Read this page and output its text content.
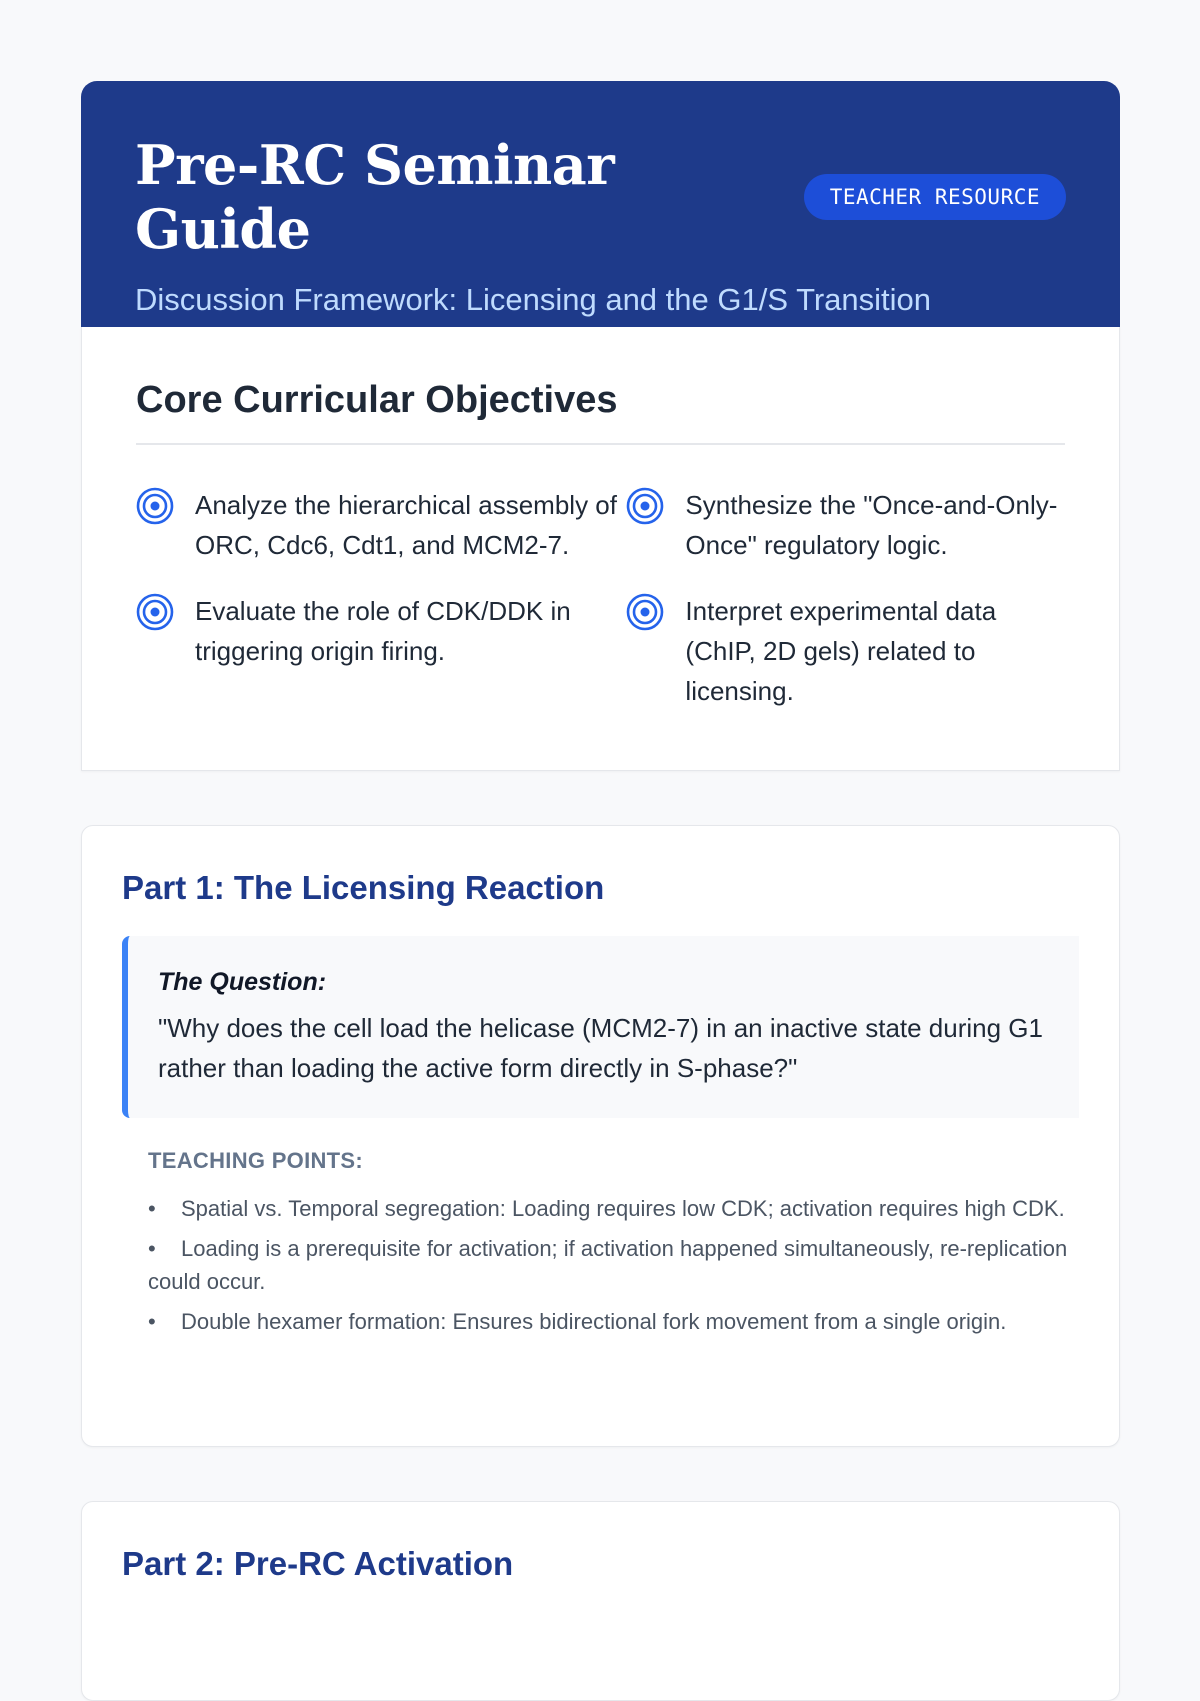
Pre-RC Seminar Guide	TEACHER RESOURCE
Discussion Framework: Licensing and the G1/S Transition
Core Curricular Objectives
Analyze the hierarchical assembly of ORC, Cdc6, Cdt1, and MCM2-7.
Evaluate the role of CDK/DDK in triggering origin firing.
Synthesize the "Once-and-Only-Once" regulatory logic.
Interpret experimental data (ChIP, 2D gels) related to licensing.
Part 1: The Licensing Reaction
The Question:
"Why does the cell load the helicase (MCM2-7) in an inactive state during G1 rather than loading the active form directly in S-phase?"
TEACHING POINTS:
• Spatial vs. Temporal segregation: Loading requires low CDK; activation requires high CDK.
• Loading is a prerequisite for activation; if activation happened simultaneously, re-replication could occur.
• Double hexamer formation: Ensures bidirectional fork movement from a single origin.
Part 2: Pre-RC Activation
